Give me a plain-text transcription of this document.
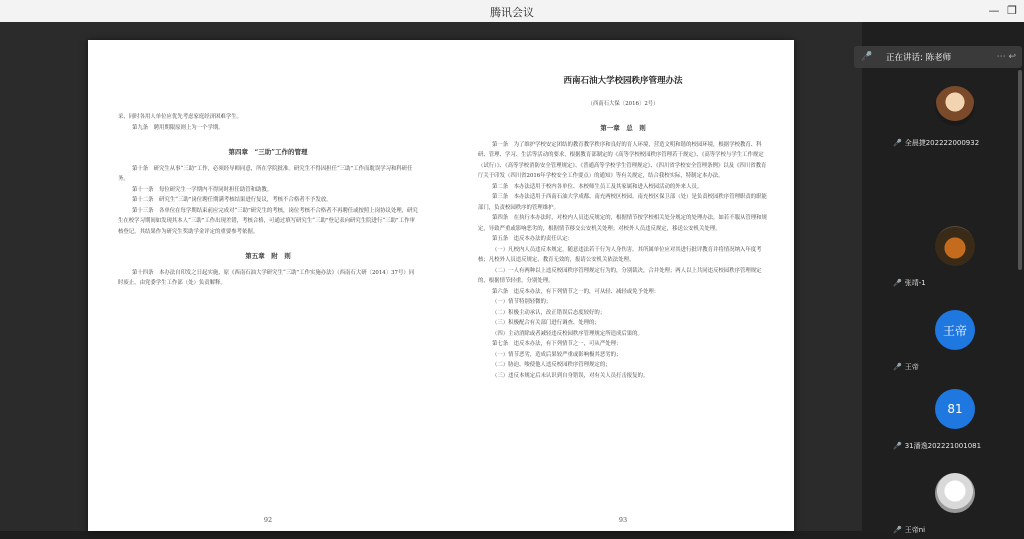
腾讯会议	— ❐

采，同时各用人单位应优先考虑家庭经济困难学生。

第九条　聘用期限原则上为一个学期。

第四章　“三助”工作的管理

第十条　研究生从事“三助”工作，必须经导师同意，所在学院批准。研究生不得因担任“三助”工作而耽误学习和科研任务。

第十一条　每位研究生一学期内不得同时担任助管和助教。

第十二条　研究生“三助”岗位聘任期满考核结果进行复议，考核不合格者不予发放。

第十三条　各单位在每学期结束前应完成对“三助”研究生的考核，岗位考核不合格者不再聘任或按照上岗协议处理，研究生在校学习期间如发现其本人“三助”工作出现差错，考核合格，可通过填写研究生“三助”登记表向研究生院进行“三助”工作审核登记，其结果作为研究生奖助学金评定的重要参考依据。

第五章　附　则

第十四条　本办法自印发之日起实施，原《西南石油大学研究生“三助”工作实施办法》（西南石大研〔2014〕37号）同时废止，由党委学生工作部（处）负责解释。

92
西南石油大学校园秩序管理办法
（西南石大保〔2016〕2号）
第一章　总　则

第一条　为了维护学校安定团结的教育教学秩序和良好的育人环境，营造文明和谐的校园环境，根据学校教育、科研、管理、学习、生活等活动的要求，根据教育部制定的《高等学校校园秩序管理若干规定》、《高等学校与学生工作规定（试行）》、《高等学校消防安全管理规定》、《普通高等学校学生管理规定》、《四川省学校安全管理条例》以及《四川省教育厅关于印发（四川省2016年学校安全工作要点）的通知》等有关规定，结合我校实际，特制定本办法。

第二条　本办法适用于校内各单位、本校师生员工及其家属和进入校园活动的外来人员。

第三条　本办法适用于西南石油大学成都、南充两校区校园。南充校区保卫部（处）是负责校园秩序管理职责的职能部门，负责校园秩序的管理维护。

第四条　在执行本办法时，对校内人员违反规定的，根据情节按学校相关处分规定的处理办法。如若不服从管理和规定，导致严重或影响恶劣的，根据情节移交公安机关处理；对校外人员违反规定，移送公安机关处理。

第五条　违反本办法的责任认定：

（一）凡校内人员违反本规定，随意违法若干行为人身伤害，其所属单位应对其进行批评教育并将情况纳入年度考核；凡校外人员违反规定，教育无效的，报请公安机关依法处理。

（二）一人有两种以上违反校园秩序管理规定行为的，分别裁决，合并处理；两人以上共同违反校园秩序管理规定的，根据情节轻重，分别处理。

第六条　违反本办法，有下列情节之一的，可从轻、减轻或免予处理：

（一）情节特别轻微的；

（二）积极主动承认，改正错误后态度较好的；

（三）积极配合有关部门进行调查、处理的；

（四）主动消除或者减轻违反校园秩序管理规定所造成后果的。

第七条　违反本办法，有下列情节之一，可从严处理：

（一）情节恶劣，造成后果较严重或影响极其恶劣的；

（二）胁迫、唆使他人违反校园秩序管理规定的；

（三）违反本规定后未认识到自身错误，对有关人员打击报复的。

93
🎤 全晨捷202222000932
🎤 张靖-1
王帝
🎤 王帝
81
🎤 31潘逸202221001081
🎤 王帝ni
🎤 正在讲话: 陈老师	⋯ ↩
